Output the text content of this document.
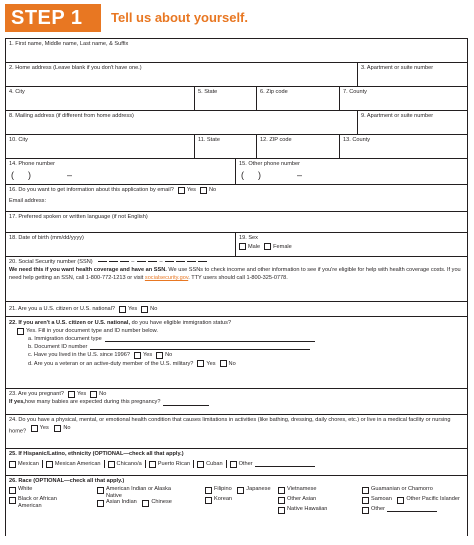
STEP 1	Tell us about yourself.
1. First name, Middle name, Last name, & Suffix
2. Home address (Leave blank if you don't have one.)	3. Apartment or suite number
4. City	5. State	6. Zip code	7. County
8. Mailing address (if different from home address)	9. Apartment or suite number
10. City	11. State	12. ZIP code	13. County
14. Phone number
( )	–
15. Other phone number
( )	–
16. Do you want to get information about this application by email? Yes No
Email address:
17. Preferred spoken or written language (if not English)
18. Date of birth (mm/dd/yyyy)	19. Sex
Male Female
20. Social Security number (SSN)	–	–
We need this if you want health coverage and have an SSN. We use SSNs to check income and other information to see if you're eligible for help with health coverage costs. If you need help getting an SSN, call 1-800-772-1213 or visit socialsecurity.gov. TTY users should call 1-800-325-0778.
21. Are you a U.S. citizen or U.S. national? Yes No
22. If you aren't a U.S. citizen or U.S. national, do you have eligible immigration status?
Yes. Fill in your document type and ID number below.
a. Immigration document type
b. Document ID number
c. Have you lived in the U.S. since 1996? Yes No
d. Are you a veteran or an active-duty member of the U.S. military? Yes No
23. Are you pregnant? Yes No
If yes, how many babies are expected during this pregnancy?
24. Do you have a physical, mental, or emotional health condition that causes limitations in activities (like bathing, dressing, daily chores, etc.) or live in a medical facility or nursing home?
Yes
	No
25. If Hispanic/Latino, ethnicity (OPTIONAL—check all that apply.)
Mexican	Mexican American	Chicano/a	Puerto Rican	Cuban	Other
26. Race (OPTIONAL—check all that apply.)
White

Black or African American
American Indian or Alaska Native

Asian Indian
	Chinese
Filipino
	Japanese

Korean
Vietnamese

Other Asian

Native Hawaiian
Guamanian or Chamorro

Samoan
	Other Pacific Islander

Other
